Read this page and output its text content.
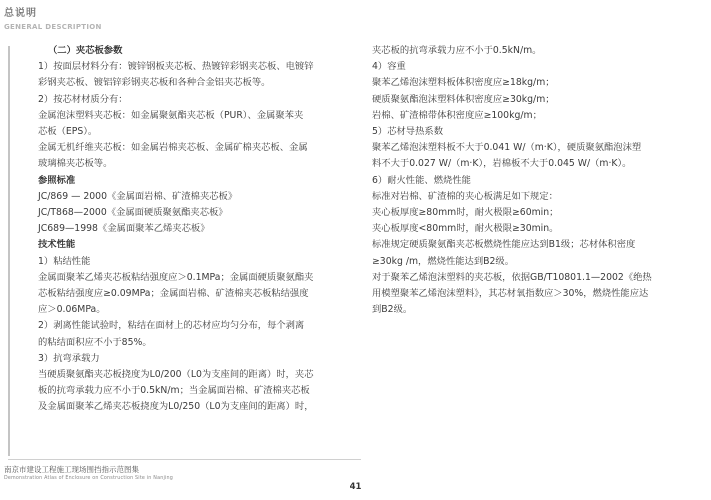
总说明
GENERAL DESCRIPTION

（二）夹芯板参数

1）按面层材料分有：镀锌钢板夹芯板、热镀锌彩钢夹芯板、电镀锌

彩钢夹芯板、镀铝锌彩钢夹芯板和各种合金铝夹芯板等。

2）按芯材材质分有：

金属泡沫塑料夹芯板：如金属聚氨酯夹芯板（PUR）、金属聚苯夹

芯板（EPS）。

金属无机纤维夹芯板：如金属岩棉夹芯板、金属矿棉夹芯板、金属

玻璃棉夹芯板等。

参照标准

JC/869 — 2000《金属面岩棉、矿渣棉夹芯板》

JC/T868—2000《金属面硬质聚氨酯夹芯板》

JC689—1998《金属面聚苯乙烯夹芯板》

技术性能

1）粘结性能

金属面聚苯乙烯夹芯板粘结强度应＞0.1MPa；金属面硬质聚氨酯夹

芯板粘结强度应≥0.09MPa；金属面岩棉、矿渣棉夹芯板粘结强度

应＞0.06MPa。

2）剥离性能试验时，粘结在面材上的芯材应均匀分布，每个剥离

的粘结面积应不小于85%。

3）抗弯承载力

当硬质聚氨酯夹芯板挠度为L0/200（L0为支座间的距离）时，夹芯

板的抗弯承载力应不小于0.5kN/m；当金属面岩棉、矿渣棉夹芯板

及金属面聚苯乙烯夹芯板挠度为L0/250（L0为支座间的距离）时，

夹芯板的抗弯承载力应不小于0.5kN/m。

4）容重

聚苯乙烯泡沫塑料板体积密度应≥18kg/m；

硬质聚氨酯泡沫塑料体积密度应≥30kg/m；

岩棉、矿渣棉带体积密度应≥100kg/m；

5）芯材导热系数

聚苯乙烯泡沫塑料板不大于0.041 W/（m·K），硬质聚氨酯泡沫塑

料不大于0.027 W/（m·K），岩棉板不大于0.045 W/（m·K）。

6）耐火性能、燃烧性能

标准对岩棉、矿渣棉的夹心板满足如下规定：

夹心板厚度≥80mm时，耐火极限≥60min；

夹心板厚度<80mm时，耐火极限≥30min。

标准规定硬质聚氨酯夹芯板燃烧性能应达到B1级；芯材体积密度

≥30kg /m，燃烧性能达到B2级。

对于聚苯乙烯泡沫塑料的夹芯板，依据GB/T10801.1—2002《绝热

用模塑聚苯乙烯泡沫塑料》，其芯材氧指数应＞30%，燃烧性能应达

到B2级。

南京市建设工程施工现场围挡指示范图集
Demonstration Atlas of Enclosure on Construction Site in Nanjing
41
